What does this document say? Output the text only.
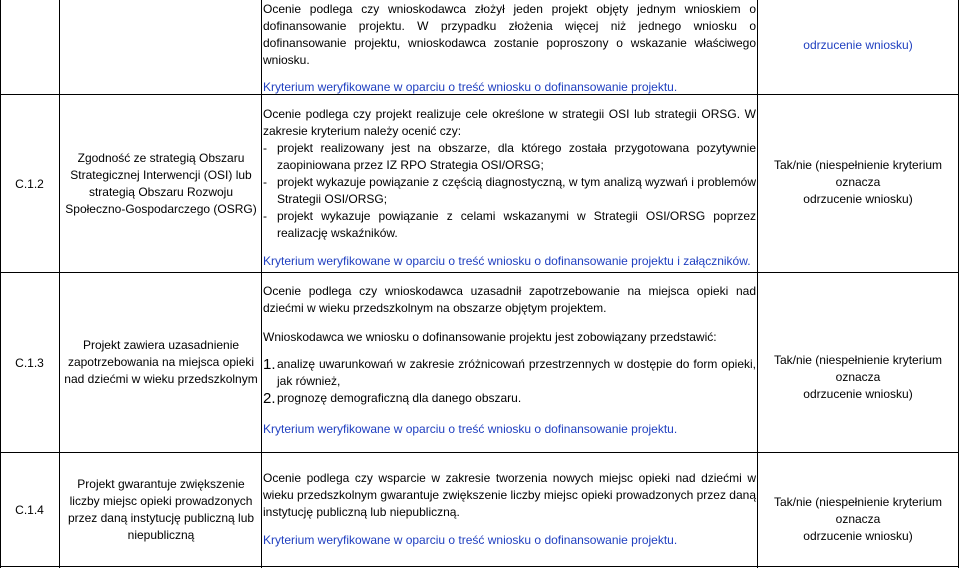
Ocenie podlega czy wnioskodawca złożył jeden projekt objęty jednym wnioskiem o dofinansowanie projektu. W przypadku złożenia więcej niż jednego wniosku o dofinansowanie projektu, wnioskodawca zostanie poproszony o wskazanie właściwego wniosku.

Kryterium weryfikowane w oparciu o treść wniosku o dofinansowanie projektu.

odrzucenie wniosku)
C.1.2
Zgodność ze strategią Obszaru Strategicznej Interwencji (OSI) lub strategią Obszaru Rozwoju Społeczno-Gospodarczego (OSRG)

Ocenie podlega czy projekt realizuje cele określone w strategii OSI lub strategii ORSG. W zakresie kryterium należy ocenić czy:

- projekt realizowany jest na obszarze, dla którego została przygotowana pozytywnie zaopiniowana przez IZ RPO Strategia OSI/ORSG;
- projekt wykazuje powiązanie z częścią diagnostyczną, w tym analizą wyzwań i problemów Strategii OSI/ORSG;
- projekt wykazuje powiązanie z celami wskazanymi w Strategii OSI/ORSG poprzez realizację wskaźników.

Kryterium weryfikowane w oparciu o treść wniosku o dofinansowanie projektu i załączników.

Tak/nie (niespełnienie kryterium oznacza
odrzucenie wniosku)
C.1.3
Projekt zawiera uzasadnienie zapotrzebowania na miejsca opieki nad dziećmi w wieku przedszkolnym

Ocenie podlega czy wnioskodawca uzasadnił zapotrzebowanie na miejsca opieki nad dziećmi w wieku przedszkolnym na obszarze objętym projektem.

Wnioskodawca we wniosku o dofinansowanie projektu jest zobowiązany przedstawić:

1. analizę uwarunkowań w zakresie zróżnicowań przestrzennych w dostępie do form opieki, jak również,
2. prognozę demograficzną dla danego obszaru.

Kryterium weryfikowane w oparciu o treść wniosku o dofinansowanie projektu.

Tak/nie (niespełnienie kryterium oznacza
odrzucenie wniosku)
C.1.4
Projekt gwarantuje zwiększenie liczby miejsc opieki prowadzonych przez daną instytucję publiczną lub niepubliczną

Ocenie podlega czy wsparcie w zakresie tworzenia nowych miejsc opieki nad dziećmi w wieku przedszkolnym gwarantuje zwiększenie liczby miejsc opieki prowadzonych przez daną instytucję publiczną lub niepubliczną.

Kryterium weryfikowane w oparciu o treść wniosku o dofinansowanie projektu.

Tak/nie (niespełnienie kryterium oznacza
odrzucenie wniosku)
